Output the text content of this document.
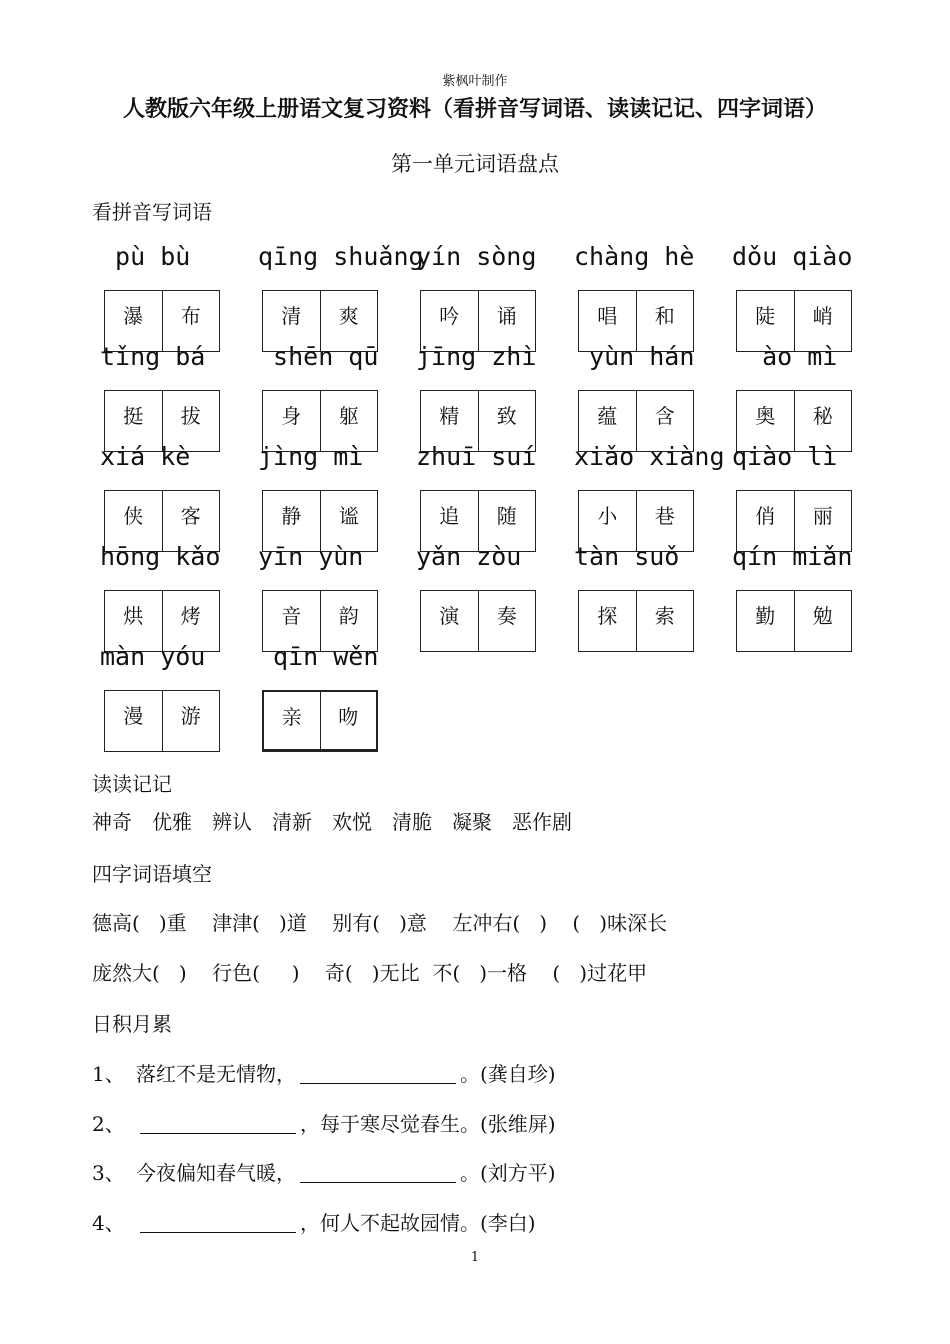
紫枫叶制作
人教版六年级上册语文复习资料（看拼音写词语、读读记记、四字词语）
第一单元词语盘点
看拼音写词语
瀑	布
pù bù
清	爽
qīng shuǎng
吟	诵
yín sòng
唱	和
chàng hè
陡	峭
dǒu qiào
挺	拔
tǐng bá
身	躯
shēn qū
精	致
jīng zhì
蕴	含
yùn hán
奥	秘
ào mì
侠	客
xiá kè
静	谧
jìng mì
追	随
zhuī suí
小	巷
xiǎo xiàng
俏	丽
qiào lì
烘	烤
hōng kǎo
音	韵
yīn yùn
演	奏
yǎn zòu
探	索
tàn suǒ
勤	勉
qín miǎn
漫	游
màn yóu
亲	吻
qīn wěn
读读记记
神奇 优雅 辨认 清新 欢悦 清脆 凝聚 恶作剧
四字词语填空
德高(   )重    津津(   )道    别有(   )意    左冲右(   )    (   )味深长
庞然大(   )    行色(     )    奇(   )无比  不(   )一格    (   )过花甲
日积月累
1、 落红不是无情物，	。(龚自珍)
2、	，每于寒尽觉春生。(张维屏)
3、 今夜偏知春气暖，	。(刘方平)
4、	，何人不起故园情。(李白)
1
